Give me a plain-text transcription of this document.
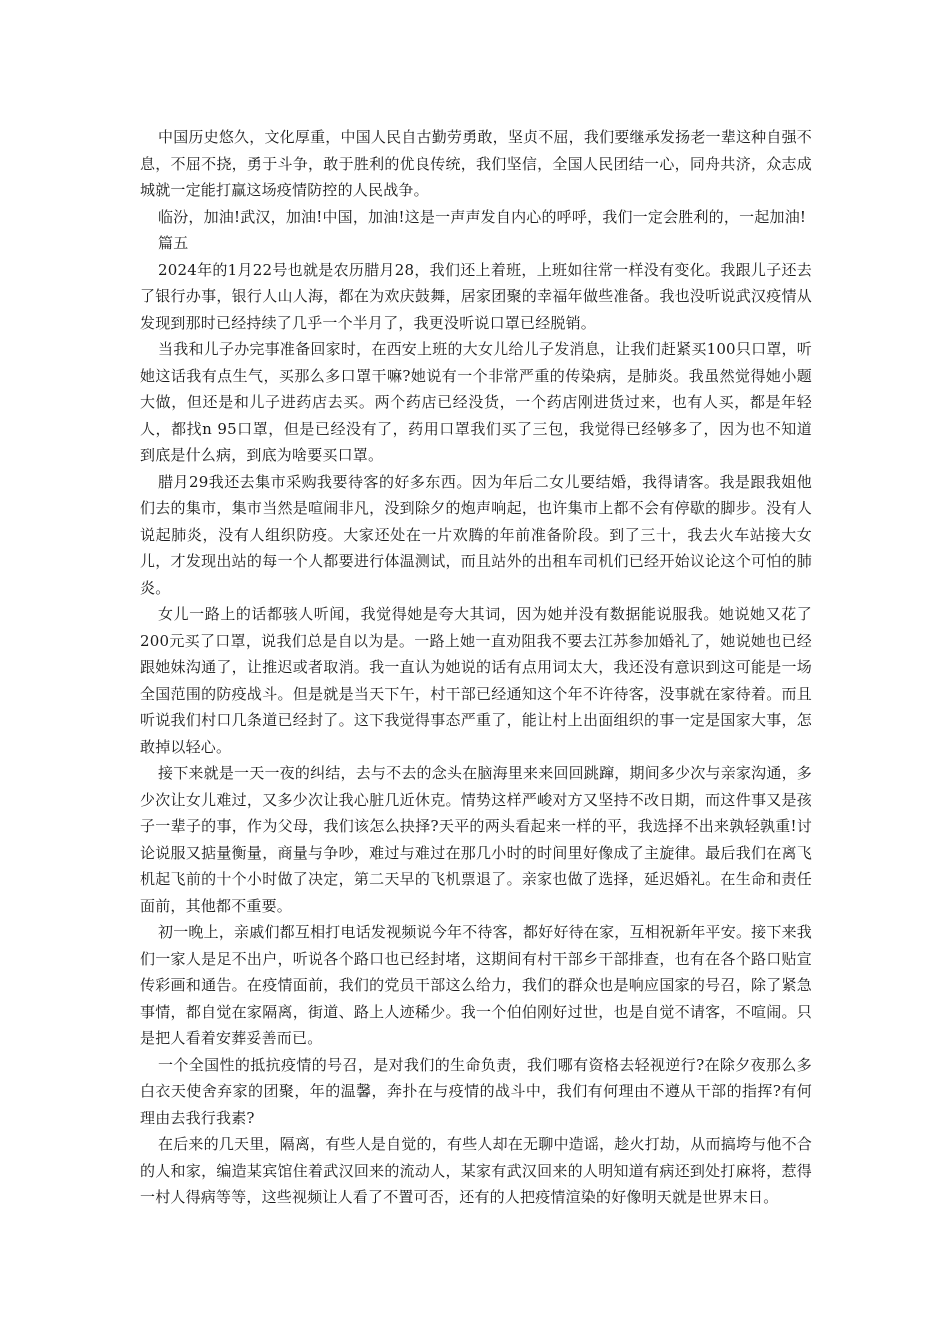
中国历史悠久，文化厚重，中国人民自古勤劳勇敢，坚贞不屈，我们要继承发扬老一辈这种自强不息，不屈不挠，勇于斗争，敢于胜利的优良传统，我们坚信，全国人民团结一心，同舟共济，众志成城就一定能打赢这场疫情防控的人民战争。

临汾，加油!武汉，加油!中国，加油!这是一声声发自内心的呼呼，我们一定会胜利的，一起加油!

篇五

2024年的1月22号也就是农历腊月28，我们还上着班，上班如往常一样没有变化。我跟儿子还去了银行办事，银行人山人海，都在为欢庆鼓舞，居家团聚的幸福年做些准备。我也没听说武汉疫情从发现到那时已经持续了几乎一个半月了，我更没听说口罩已经脱销。

当我和儿子办完事准备回家时，在西安上班的大女儿给儿子发消息，让我们赶紧买100只口罩，听她这话我有点生气，买那么多口罩干嘛?她说有一个非常严重的传染病，是肺炎。我虽然觉得她小题大做，但还是和儿子进药店去买。两个药店已经没货，一个药店刚进货过来，也有人买，都是年轻人，都找n 95口罩，但是已经没有了，药用口罩我们买了三包，我觉得已经够多了，因为也不知道到底是什么病，到底为啥要买口罩。

腊月29我还去集市采购我要待客的好多东西。因为年后二女儿要结婚，我得请客。我是跟我姐他们去的集市，集市当然是喧闹非凡，没到除夕的炮声响起，也许集市上都不会有停歇的脚步。没有人说起肺炎，没有人组织防疫。大家还处在一片欢腾的年前准备阶段。到了三十，我去火车站接大女儿，才发现出站的每一个人都要进行体温测试，而且站外的出租车司机们已经开始议论这个可怕的肺炎。

女儿一路上的话都骇人听闻，我觉得她是夸大其词，因为她并没有数据能说服我。她说她又花了200元买了口罩，说我们总是自以为是。一路上她一直劝阻我不要去江苏参加婚礼了，她说她也已经跟她妹沟通了，让推迟或者取消。我一直认为她说的话有点用词太大，我还没有意识到这可能是一场全国范围的防疫战斗。但是就是当天下午，村干部已经通知这个年不许待客，没事就在家待着。而且听说我们村口几条道已经封了。这下我觉得事态严重了，能让村上出面组织的事一定是国家大事，怎敢掉以轻心。

接下来就是一天一夜的纠结，去与不去的念头在脑海里来来回回跳蹿，期间多少次与亲家沟通，多少次让女儿难过，又多少次让我心脏几近休克。情势这样严峻对方又坚持不改日期，而这件事又是孩子一辈子的事，作为父母，我们该怎么抉择?天平的两头看起来一样的平，我选择不出来孰轻孰重!讨论说服又掂量衡量，商量与争吵，难过与难过在那几小时的时间里好像成了主旋律。最后我们在离飞机起飞前的十个小时做了决定，第二天早的飞机票退了。亲家也做了选择，延迟婚礼。在生命和责任面前，其他都不重要。

初一晚上，亲戚们都互相打电话发视频说今年不待客，都好好待在家，互相祝新年平安。接下来我们一家人是足不出户，听说各个路口也已经封堵，这期间有村干部乡干部排查，也有在各个路口贴宣传彩画和通告。在疫情面前，我们的党员干部这么给力，我们的群众也是响应国家的号召，除了紧急事情，都自觉在家隔离，街道、路上人迹稀少。我一个伯伯刚好过世，也是自觉不请客，不喧闹。只是把人看着安葬妥善而已。

一个全国性的抵抗疫情的号召，是对我们的生命负责，我们哪有资格去轻视逆行?在除夕夜那么多白衣天使舍弃家的团聚，年的温馨，奔扑在与疫情的战斗中，我们有何理由不遵从干部的指挥?有何理由去我行我素?

在后来的几天里，隔离，有些人是自觉的，有些人却在无聊中造谣，趁火打劫，从而搞垮与他不合的人和家，编造某宾馆住着武汉回来的流动人，某家有武汉回来的人明知道有病还到处打麻将，惹得一村人得病等等，这些视频让人看了不置可否，还有的人把疫情渲染的好像明天就是世界末日。
